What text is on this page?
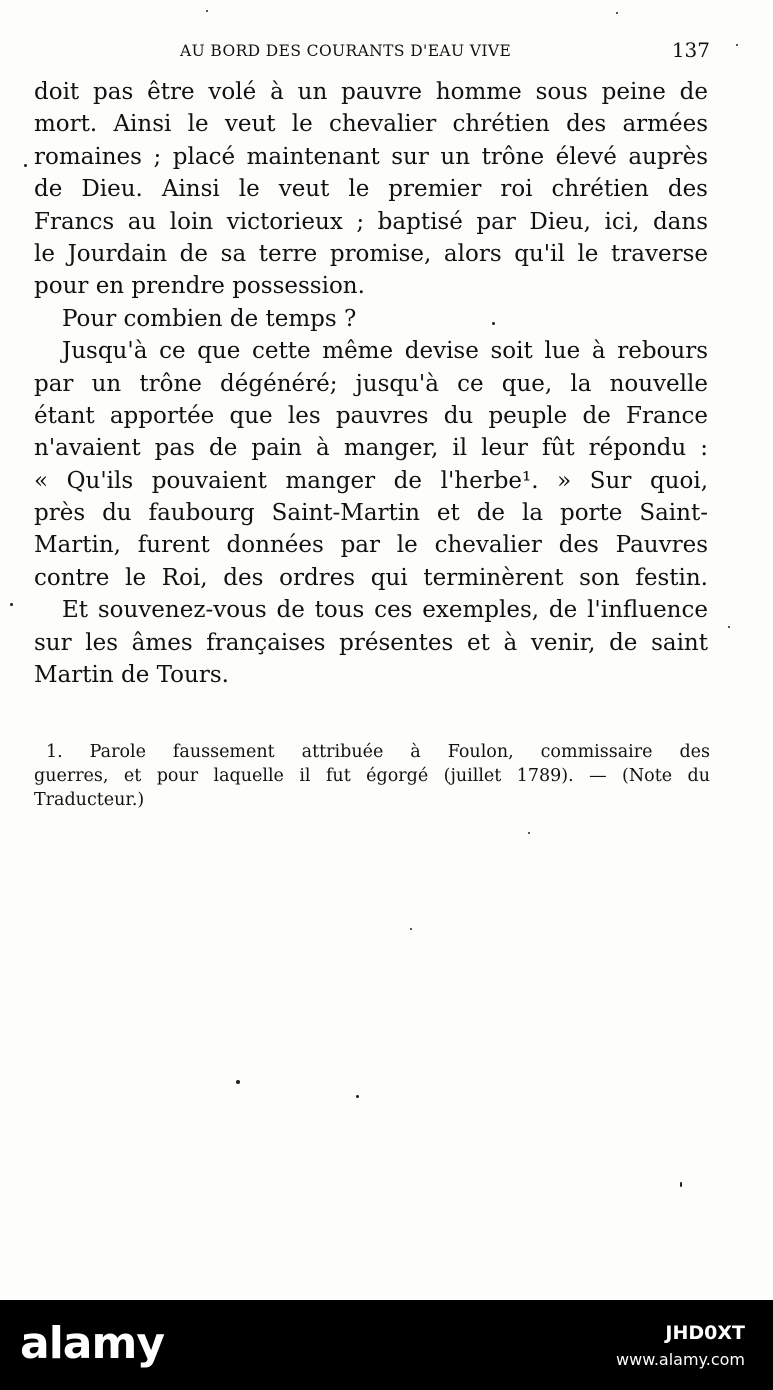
AU BORD DES COURANTS D'EAU VIVE	137
doit pas être volé à un pauvre homme sous peine de
mort. Ainsi le veut le chevalier chrétien des armées
romaines ; placé maintenant sur un trône élevé auprès
de Dieu. Ainsi le veut le premier roi chrétien des
Francs au loin victorieux ; baptisé par Dieu, ici, dans
le Jourdain de sa terre promise, alors qu'il le traverse
pour en prendre possession.
Pour combien de temps ?
Jusqu'à ce que cette même devise soit lue à rebours
par un trône dégénéré; jusqu'à ce que, la nouvelle
étant apportée que les pauvres du peuple de France
n'avaient pas de pain à manger, il leur fût répondu :
« Qu'ils pouvaient manger de l'herbe¹. » Sur quoi,
près du faubourg Saint-Martin et de la porte Saint-
Martin, furent données par le chevalier des Pauvres
contre le Roi, des ordres qui terminèrent son festin.
Et souvenez-vous de tous ces exemples, de l'influence
sur les âmes françaises présentes et à venir, de saint
Martin de Tours.
1. Parole faussement attribuée à Foulon, commissaire des
guerres, et pour laquelle il fut égorgé (juillet 1789). — (Note du
Traducteur.)
alamy	JHD0XT
www.alamy.com
